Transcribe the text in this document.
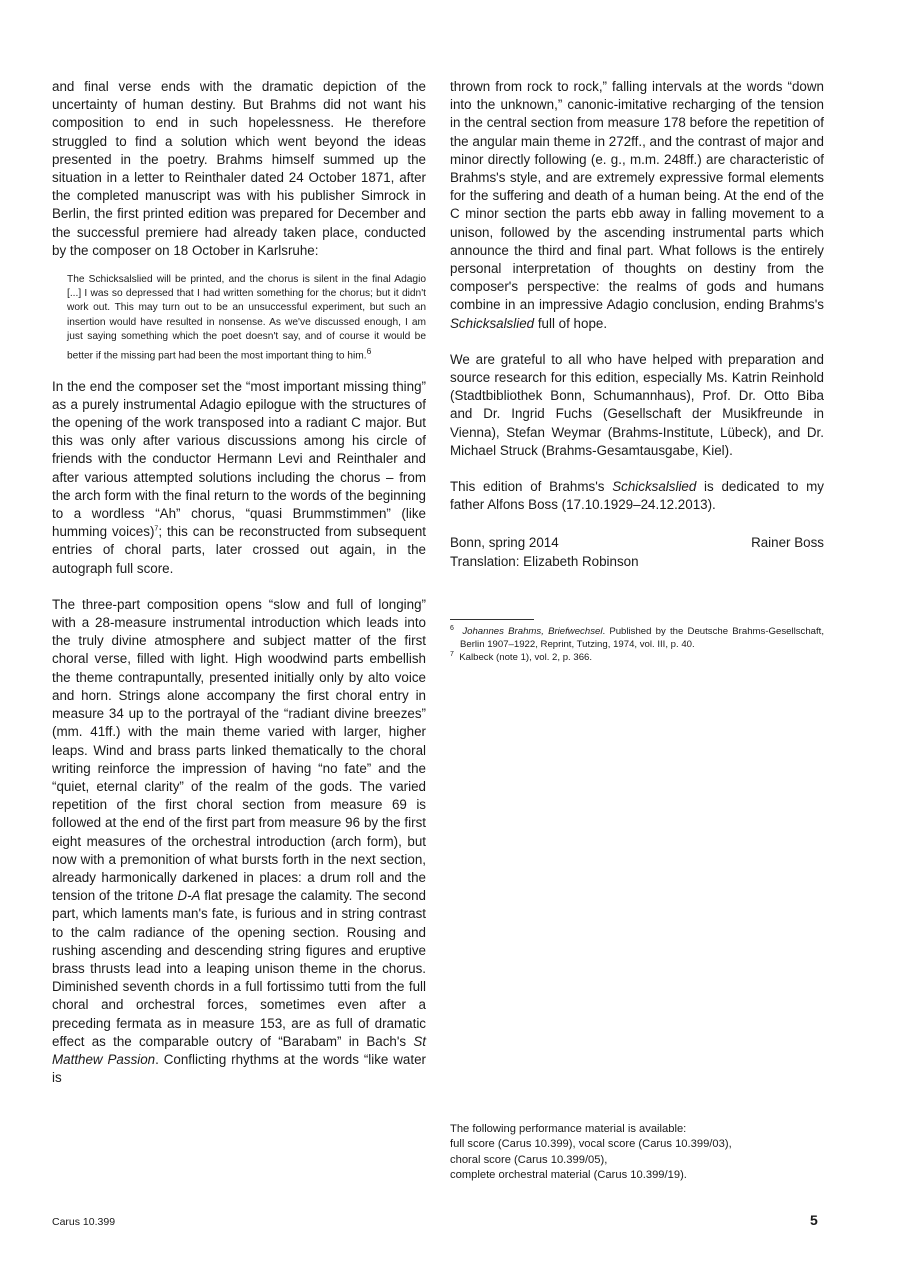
and final verse ends with the dramatic depiction of the uncertainty of human destiny. But Brahms did not want his composition to end in such hopelessness. He therefore struggled to find a solution which went beyond the ideas presented in the poetry. Brahms himself summed up the situation in a letter to Reinthaler dated 24 October 1871, after the completed manuscript was with his publisher Simrock in Berlin, the first printed edition was prepared for December and the successful premiere had already taken place, conducted by the composer on 18 October in Karlsruhe:

The Schicksalslied will be printed, and the chorus is silent in the final Adagio [...] I was so depressed that I had written something for the chorus; but it didn't work out. This may turn out to be an unsuccessful experiment, but such an insertion would have resulted in nonsense. As we've discussed enough, I am just saying something which the poet doesn't say, and of course it would be better if the missing part had been the most important thing to him.$^6$

In the end the composer set the “most important missing thing” as a purely instrumental Adagio epilogue with the structures of the opening of the work transposed into a radiant C major. But this was only after various discussions among his circle of friends with the conductor Hermann Levi and Reinthaler and after various attempted solutions including the chorus – from the arch form with the final return to the words of the beginning to a wordless “Ah” chorus, “quasi Brummstimmen” (like humming voices)$^7$; this can be reconstructed from subsequent entries of choral parts, later crossed out again, in the autograph full score.

The three-part composition opens “slow and full of longing” with a 28-measure instrumental introduction which leads into the truly divine atmosphere and subject matter of the first choral verse, filled with light. High woodwind parts embellish the theme contrapuntally, presented initially only by alto voice and horn. Strings alone accompany the first choral entry in measure 34 up to the portrayal of the “radiant divine breezes” (mm. 41ff.) with the main theme varied with larger, higher leaps. Wind and brass parts linked thematically to the choral writing reinforce the impression of having “no fate” and the “quiet, eternal clarity” of the realm of the gods. The varied repetition of the first choral section from measure 69 is followed at the end of the first part from measure 96 by the first eight measures of the orchestral introduction (arch form), but now with a premonition of what bursts forth in the next section, already harmonically darkened in places: a drum roll and the tension of the tritone D-A flat presage the calamity. The second part, which laments man's fate, is furious and in string contrast to the calm radiance of the opening section. Rousing and rushing ascending and descending string figures and eruptive brass thrusts lead into a leaping unison theme in the chorus. Diminished seventh chords in a full fortissimo tutti from the full choral and orchestral forces, sometimes even after a preceding fermata as in measure 153, are as full of dramatic effect as the comparable outcry of “Barabam” in Bach's St Matthew Passion. Conflicting rhythms at the words “like water is

thrown from rock to rock,” falling intervals at the words “down into the unknown,” canonic-imitative recharging of the tension in the central section from measure 178 before the repetition of the angular main theme in 272ff., and the contrast of major and minor directly following (e. g., m.m. 248ff.) are characteristic of Brahms's style, and are extremely expressive formal elements for the suffering and death of a human being. At the end of the C minor section the parts ebb away in falling movement to a unison, followed by the ascending instrumental parts which announce the third and final part. What follows is the entirely personal interpretation of thoughts on destiny from the composer's perspective: the realms of gods and humans combine in an impressive Adagio conclusion, ending Brahms's Schicksalslied full of hope.

We are grateful to all who have helped with preparation and source research for this edition, especially Ms. Katrin Reinhold (Stadtbibliothek Bonn, Schumannhaus), Prof. Dr. Otto Biba and Dr. Ingrid Fuchs (Gesellschaft der Musikfreunde in Vienna), Stefan Weymar (Brahms-Institute, Lübeck), and Dr. Michael Struck (Brahms-Gesamtausgabe, Kiel).

This edition of Brahms's Schicksalslied is dedicated to my father Alfons Boss (17.10.1929–24.12.2013).

Bonn, spring 2014	Rainer Boss

Translation: Elizabeth Robinson

$^6$ Johannes Brahms, Briefwechsel. Published by the Deutsche Brahms-Gesellschaft, Berlin 1907–1922, Reprint, Tutzing, 1974, vol. III, p. 40.

$^7$ Kalbeck (note 1), vol. 2, p. 366.

The following performance material is available:
full score (Carus 10.399), vocal score (Carus 10.399/03),
choral score (Carus 10.399/05),
complete orchestral material (Carus 10.399/19).
Carus 10.399	5
